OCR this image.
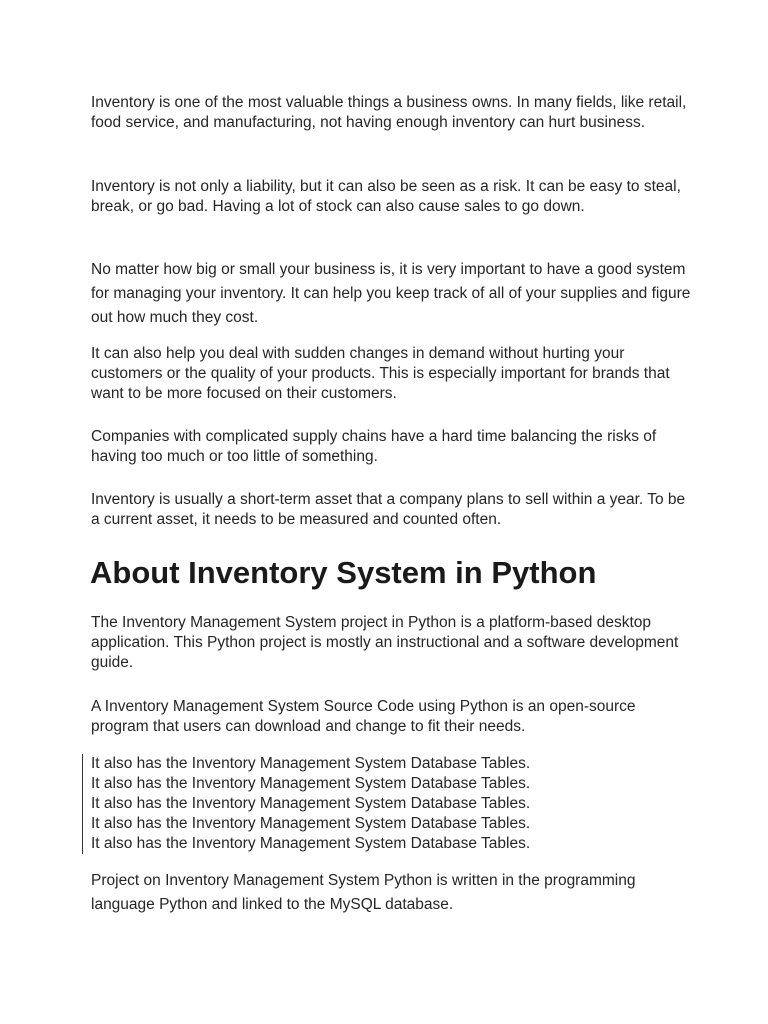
Inventory is one of the most valuable things a business owns. In many fields, like retail, food service, and manufacturing, not having enough inventory can hurt business.

Inventory is not only a liability, but it can also be seen as a risk. It can be easy to steal, break, or go bad. Having a lot of stock can also cause sales to go down.

No matter how big or small your business is, it is very important to have a good system for managing your inventory. It can help you keep track of all of your supplies and figure out how much they cost.

It can also help you deal with sudden changes in demand without hurting your customers or the quality of your products. This is especially important for brands that want to be more focused on their customers.

Companies with complicated supply chains have a hard time balancing the risks of having too much or too little of something.

Inventory is usually a short-term asset that a company plans to sell within a year. To be a current asset, it needs to be measured and counted often.

About Inventory System in Python

The Inventory Management System project in Python is a platform-based desktop application. This Python project is mostly an instructional and a software development guide.

A Inventory Management System Source Code using Python is an open-source program that users can download and change to fit their needs.

It also has the Inventory Management System Database Tables.
It also has the Inventory Management System Database Tables.
It also has the Inventory Management System Database Tables.
It also has the Inventory Management System Database Tables.
It also has the Inventory Management System Database Tables.

Project on Inventory Management System Python is written in the programming language Python and linked to the MySQL database.
